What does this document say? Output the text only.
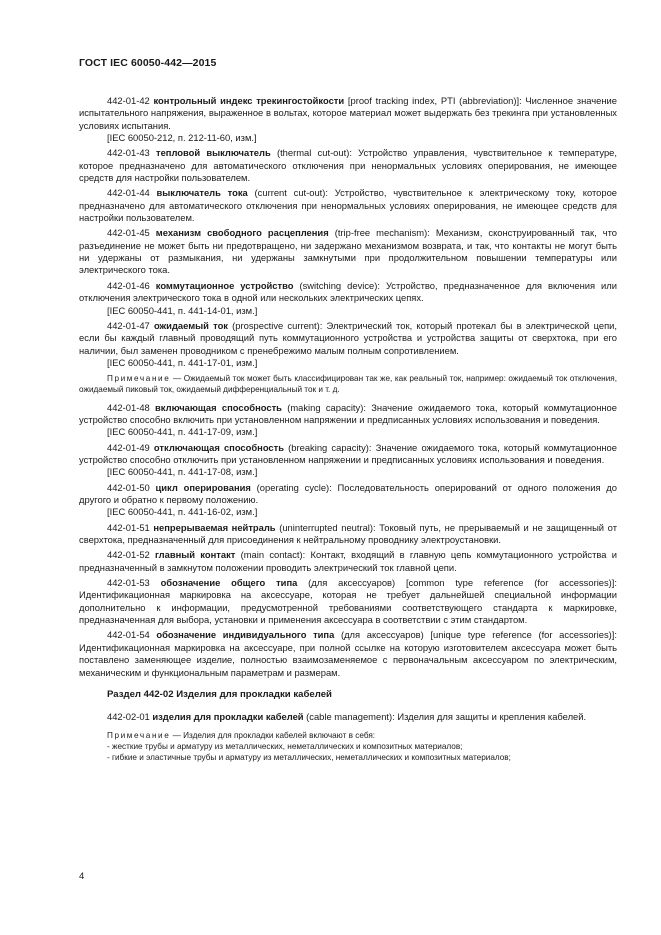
ГОСТ IEC 60050-442—2015

442-01-42 контрольный индекс трекингостойкости [proof tracking index, PTI (abbreviation)]: Численное значение испытательного напряжения, выраженное в вольтах, которое материал может выдержать без трекинга при установленных условиях испытания.

[IEC 60050-212, п. 212-11-60, изм.]

442-01-43 тепловой выключатель (thermal cut-out): Устройство управления, чувствительное к температуре, которое предназначено для автоматического отключения при ненормальных условиях оперирования, не имеющее средств для настройки пользователем.

442-01-44 выключатель тока (current cut-out): Устройство, чувствительное к электрическому току, которое предназначено для автоматического отключения при ненормальных условиях оперирования, не имеющее средств для настройки пользователем.

442-01-45 механизм свободного расцепления (trip-free mechanism): Механизм, сконструированный так, что разъединение не может быть ни предотвращено, ни задержано механизмом возврата, и так, что контакты не могут быть ни удержаны от размыкания, ни удержаны замкнутыми при продолжительном повышении температуры или электрического тока.

442-01-46 коммутационное устройство (switching device): Устройство, предназначенное для включения или отключения электрического тока в одной или нескольких электрических цепях.

[IEC 60050-441, п. 441-14-01, изм.]

442-01-47 ожидаемый ток (prospective current): Электрический ток, который протекал бы в электрической цепи, если бы каждый главный проводящий путь коммутационного устройства и устройства защиты от сверхтока, при его наличии, был заменен проводником с пренебрежимо малым полным сопротивлением.

[IEC 60050-441, п. 441-17-01, изм.]

Примечание — Ожидаемый ток может быть классифицирован так же, как реальный ток, например: ожидаемый ток отключения, ожидаемый пиковый ток, ожидаемый дифференциальный ток и т. д.

442-01-48 включающая способность (making capacity): Значение ожидаемого тока, который коммутационное устройство способно включить при установленном напряжении и предписанных условиях использования и поведения.

[IEC 60050-441, п. 441-17-09, изм.]

442-01-49 отключающая способность (breaking capacity): Значение ожидаемого тока, который коммутационное устройство способно отключить при установленном напряжении и предписанных условиях использования и поведения.

[IEC 60050-441, п. 441-17-08, изм.]

442-01-50 цикл оперирования (operating cycle): Последовательность оперирований от одного положения до другого и обратно к первому положению.

[IEC 60050-441, п. 441-16-02, изм.]

442-01-51 непрерываемая нейтраль (uninterrupted neutral): Токовый путь, не прерываемый и не защищенный от сверхтока, предназначенный для присоединения к нейтральному проводнику электроустановки.

442-01-52 главный контакт (main contact): Контакт, входящий в главную цепь коммутационного устройства и предназначенный в замкнутом положении проводить электрический ток главной цепи.

442-01-53 обозначение общего типа (для аксессуаров) [common type reference (for accessories)]: Идентификационная маркировка на аксессуаре, которая не требует дальнейшей специальной информации дополнительно к информации, предусмотренной требованиями соответствующего стандарта к маркировке, предназначенная для выбора, установки и применения аксессуара в соответствии с этим стандартом.

442-01-54 обозначение индивидуального типа (для аксессуаров) [unique type reference (for accessories)]: Идентификационная маркировка на аксессуаре, при полной ссылке на которую изготовителем аксессуара может быть поставлено заменяющее изделие, полностью взаимозаменяемое с первоначальным аксессуаром по электрическим, механическим и функциональным параметрам и размерам.

Раздел 442-02 Изделия для прокладки кабелей

442-02-01 изделия для прокладки кабелей (cable management): Изделия для защиты и крепления кабелей.

Примечание — Изделия для прокладки кабелей включают в себя:
- жесткие трубы и арматуру из металлических, неметаллических и композитных материалов;
- гибкие и эластичные трубы и арматуру из металлических, неметаллических и композитных материалов;
4
